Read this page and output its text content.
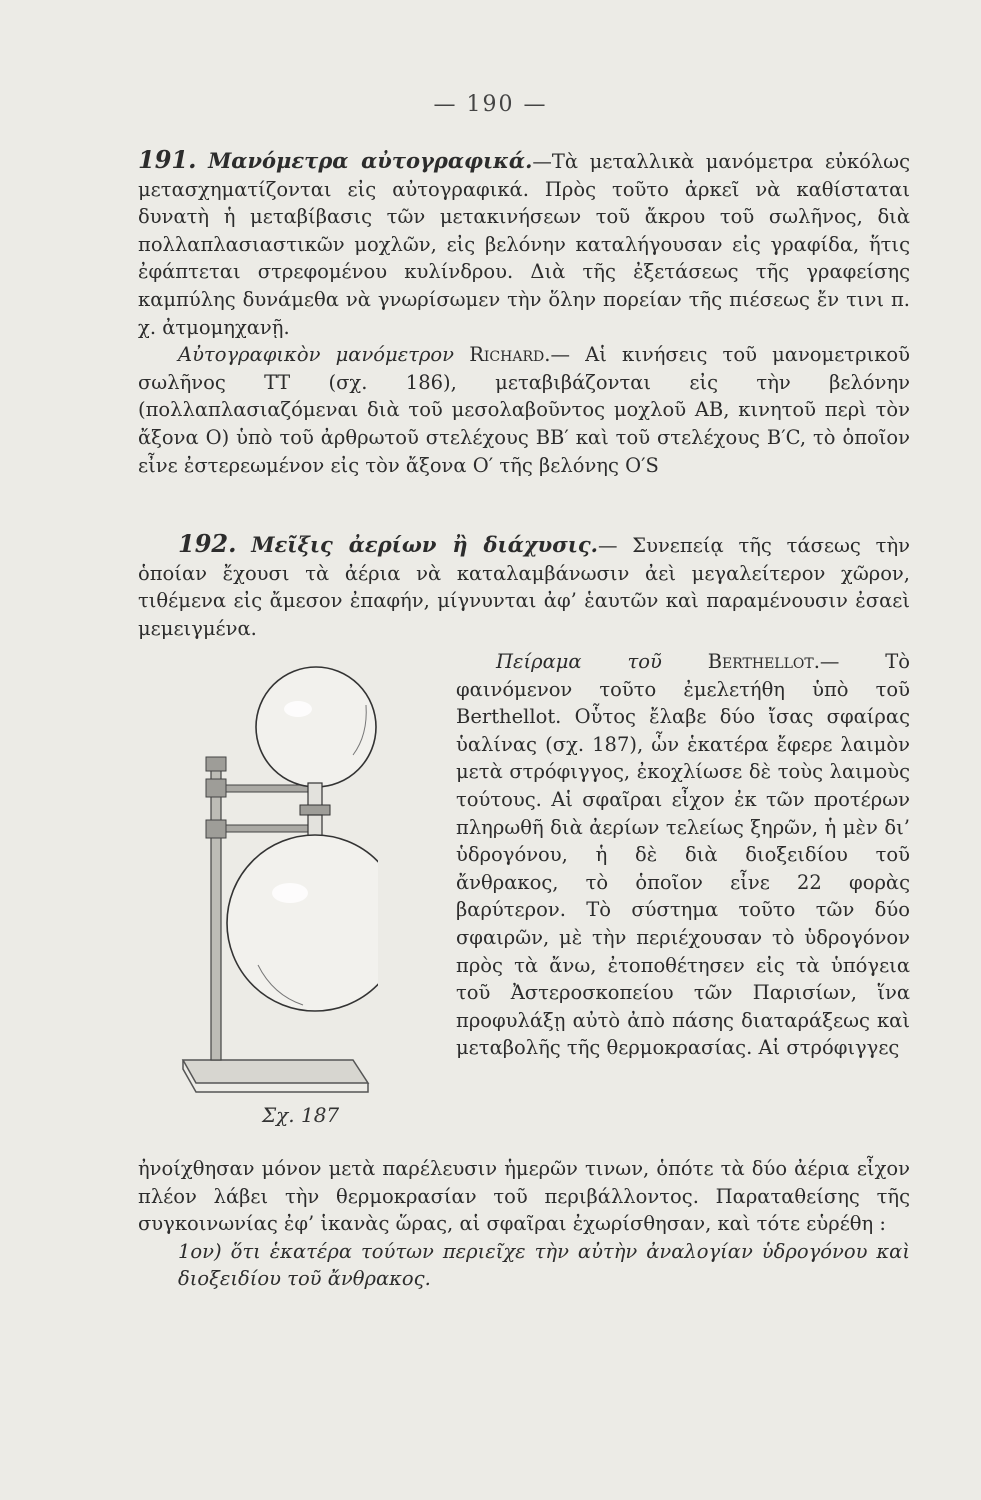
— 190 —
191. Μανόμετρα αὐτογραφικά.—Τὰ μεταλλικὰ μανόμετρα εὐκόλως μετασχηματίζονται εἰς αὐτογραφικά. Πρὸς τοῦτο ἀρκεῖ νὰ καθίσταται δυνατὴ ἡ μεταβίβασις τῶν μετακινήσεων τοῦ ἄκρου τοῦ σωλῆνος, διὰ πολλαπλασιαστικῶν μοχλῶν, εἰς βελόνην καταλήγουσαν εἰς γραφίδα, ἥτις ἐφάπτεται στρεφομένου κυλίνδρου. Διὰ τῆς ἐξετάσεως τῆς γραφείσης καμπύλης δυνάμεθα νὰ γνωρίσωμεν τὴν ὅλην πορείαν τῆς πιέσεως ἔν τινι π. χ. ἀτμομηχανῇ.
Αὐτογραφικὸν μανόμετρον Richard.— Αἱ κινήσεις τοῦ μανομετρικοῦ σωλῆνος ΤΤ (σχ. 186), μεταβιβάζονται εἰς τὴν βελόνην (πολλαπλασιαζόμεναι διὰ τοῦ μεσολαβοῦντος μοχλοῦ ΑΒ, κινητοῦ περὶ τὸν ἄξονα Ο) ὑπὸ τοῦ ἀρθρωτοῦ στελέχους ΒΒ′ καὶ τοῦ στελέχους Β′C, τὸ ὁποῖον εἶνε ἐστερεωμένον εἰς τὸν ἄξονα Ο′ τῆς βελόνης Ο′S
192. Μεῖξις ἀερίων ἢ διάχυσις.— Συνεπείᾳ τῆς τάσεως τὴν ὁποίαν ἔχουσι τὰ ἀέρια νὰ καταλαμβάνωσιν ἀεὶ μεγαλείτερον χῶρον, τιθέμενα εἰς ἄμεσον ἐπαφήν, μίγνυνται ἀφ’ ἑαυτῶν καὶ παραμένουσιν ἐσαεὶ μεμειγμένα.
Σχ. 187
Πείραμα τοῦ Berthellot.— Τὸ φαινόμενον τοῦτο ἐμελετήθη ὑπὸ τοῦ Berthellot. Οὗτος ἔλαβε δύο ἴσας σφαίρας ὑαλίνας (σχ. 187), ὧν ἑκατέρα ἔφερε λαιμὸν μετὰ στρόφιγγος, ἐκοχλίωσε δὲ τοὺς λαιμοὺς τούτους. Αἱ σφαῖραι εἶχον ἐκ τῶν προτέρων πληρωθῆ διὰ ἀερίων τελείως ξηρῶν, ἡ μὲν δι’ ὑδρογόνου, ἡ δὲ διὰ διοξειδίου τοῦ ἄνθρακος, τὸ ὁποῖον εἶνε 22 φορὰς βαρύτερον. Τὸ σύστημα τοῦτο τῶν δύο σφαιρῶν, μὲ τὴν περιέχουσαν τὸ ὑδρογόνον πρὸς τὰ ἄνω, ἐτοποθέτησεν εἰς τὰ ὑπόγεια τοῦ Ἀστεροσκοπείου τῶν Παρισίων, ἵνα προφυλάξῃ αὐτὸ ἀπὸ πάσης διαταράξεως καὶ μεταβολῆς τῆς θερμοκρασίας. Αἱ στρόφιγγες
ἠνοίχθησαν μόνον μετὰ παρέλευσιν ἡμερῶν τινων, ὁπότε τὰ δύο ἀέρια εἶχον πλέον λάβει τὴν θερμοκρασίαν τοῦ περιβάλλοντος. Παραταθείσης τῆς συγκοινωνίας ἐφ’ ἱκανὰς ὥρας, αἱ σφαῖραι ἐχωρίσθησαν, καὶ τότε εὑρέθη :
1ον) ὅτι ἑκατέρα τούτων περιεῖχε τὴν αὐτὴν ἀναλογίαν ὑδρογόνου καὶ διοξειδίου τοῦ ἄνθρακος.
